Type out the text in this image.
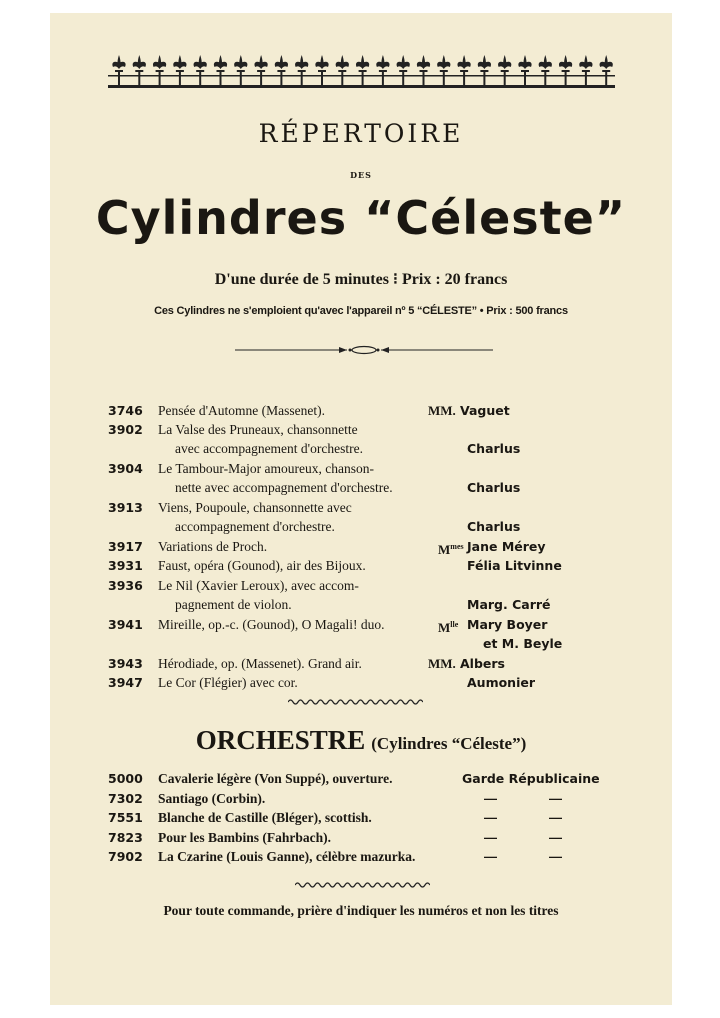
RÉPERTOIRE
DES
Cylindres “Céleste”
D'une durée de 5 minutes ⁝ Prix : 20 francs
Ces Cylindres ne s'emploient qu'avec l'appareil nº 5 “CÉLESTE” • Prix : 500 francs
3746	Pensée d'Automne (Massenet).	MM. Vaguet
3902	La Valse des Pruneaux, chansonnette
avec accompagnement d'orchestre.	Charlus
3904	Le Tambour-Major amoureux, chanson-
nette avec accompagnement d'orchestre.	Charlus
3913	Viens, Poupoule, chansonnette avec
accompagnement d'orchestre.	Charlus
3917	Variations de Proch.	$M^{mes}$ Jane Mérey
3931	Faust, opéra (Gounod), air des Bijoux.	Félia Litvinne
3936	Le Nil (Xavier Leroux), avec accom-
pagnement de violon.	Marg. Carré
3941	Mireille, op.-c. (Gounod), O Magali! duo.	$M^{lle}$ Mary Boyer
et M. Beyle
3943	Hérodiade, op. (Massenet). Grand air.	MM. Albers
3947	Le Cor (Flégier) avec cor.	Aumonier
ORCHESTRE (Cylindres “Céleste”)
5000	Cavalerie légère (Von Suppé), ouverture.	Garde Républicaine
7302	Santiago (Corbin).	—	—
7551	Blanche de Castille (Bléger), scottish.	—	—
7823	Pour les Bambins (Fahrbach).	—	—
7902	La Czarine (Louis Ganne), célèbre mazurka.	—	—
Pour toute commande, prière d'indiquer les numéros et non les titres
